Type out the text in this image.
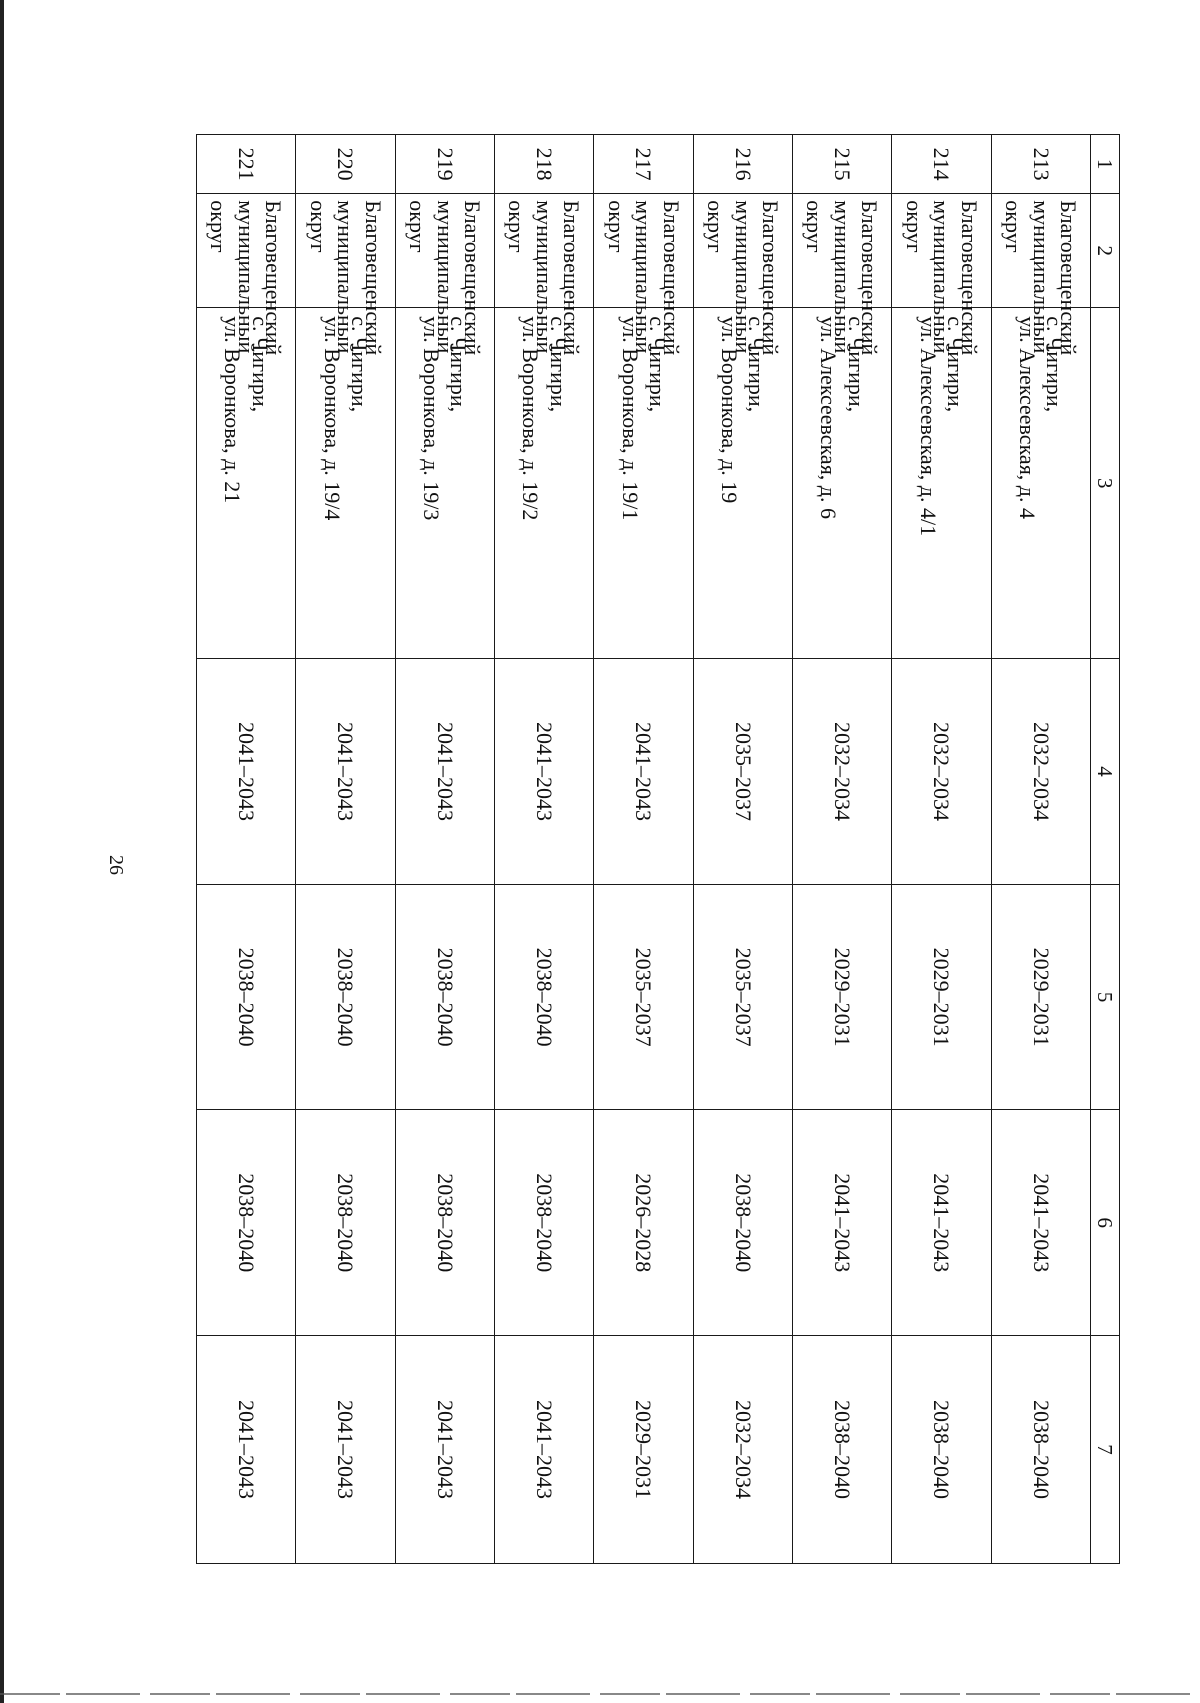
26
1	2	3	4	5	6	7
213	Благовещенский муниципальный округ	с. Чигири,
ул. Алексеевская, д. 4	2032–2034	2029–2031	2041–2043	2038–2040
214	Благовещенский муниципальный округ	с. Чигири,
ул. Алексеевская, д. 4/1	2032–2034	2029–2031	2041–2043	2038–2040
215	Благовещенский муниципальный округ	с. Чигири,
ул. Алексеевская, д. 6	2032–2034	2029–2031	2041–2043	2038–2040
216	Благовещенский муниципальный округ	с. Чигири,
ул. Воронкова, д. 19	2035–2037	2035–2037	2038–2040	2032–2034
217	Благовещенский муниципальный округ	с. Чигири,
ул. Воронкова, д. 19/1	2041–2043	2035–2037	2026–2028	2029–2031
218	Благовещенский муниципальный округ	с. Чигири,
ул. Воронкова, д. 19/2	2041–2043	2038–2040	2038–2040	2041–2043
219	Благовещенский муниципальный округ	с. Чигири,
ул. Воронкова, д. 19/3	2041–2043	2038–2040	2038–2040	2041–2043
220	Благовещенский муниципальный округ	с. Чигири,
ул. Воронкова, д. 19/4	2041–2043	2038–2040	2038–2040	2041–2043
221	Благовещенский муниципальный округ	с. Чигири,
ул. Воронкова, д. 21	2041–2043	2038–2040	2038–2040	2041–2043
